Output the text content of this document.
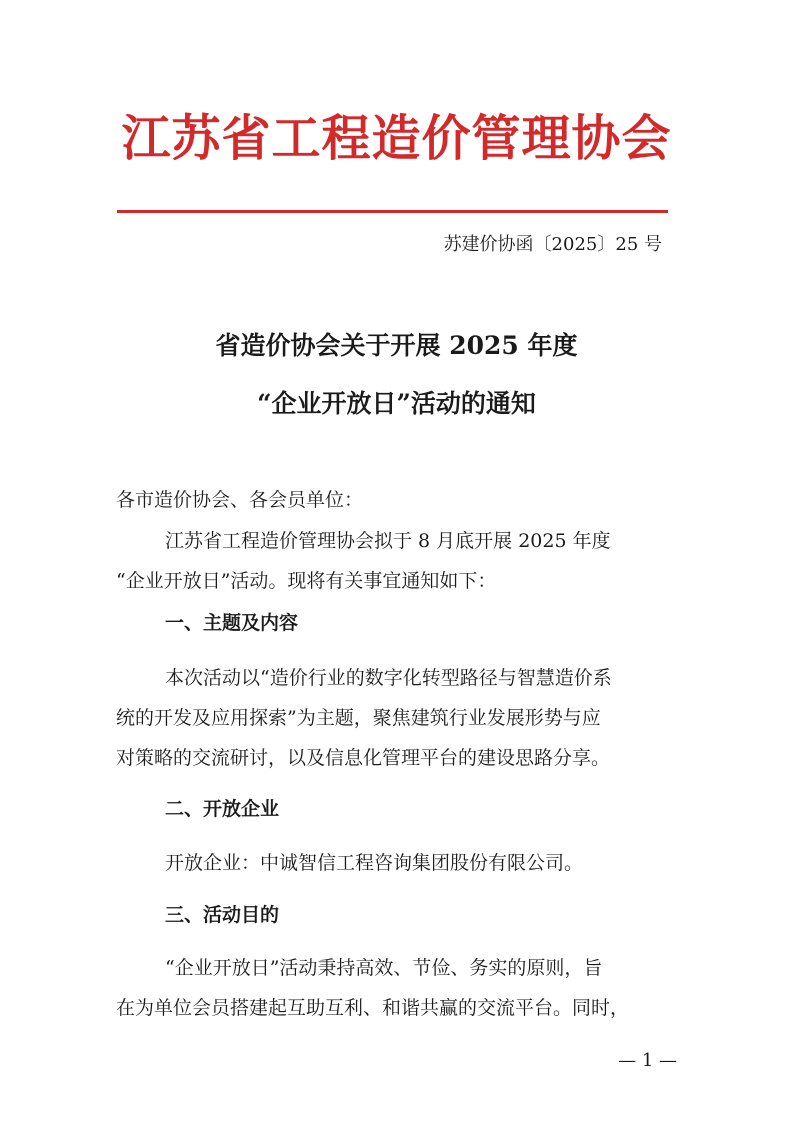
江苏省工程造价管理协会
苏建价协函〔2025〕25 号
省造价协会关于开展 2025 年度
“企业开放日”活动的通知
各市造价协会、各会员单位：
江苏省工程造价管理协会拟于 8 月底开展 2025 年度
“企业开放日”活动。现将有关事宜通知如下：
一、主题及内容
本次活动以“造价行业的数字化转型路径与智慧造价系
统的开发及应用探索”为主题，聚焦建筑行业发展形势与应
对策略的交流研讨，以及信息化管理平台的建设思路分享。
二、开放企业
开放企业：中诚智信工程咨询集团股份有限公司。
三、活动目的
“企业开放日”活动秉持高效、节俭、务实的原则，旨
在为单位会员搭建起互助互利、和谐共赢的交流平台。同时，
— 1 —
